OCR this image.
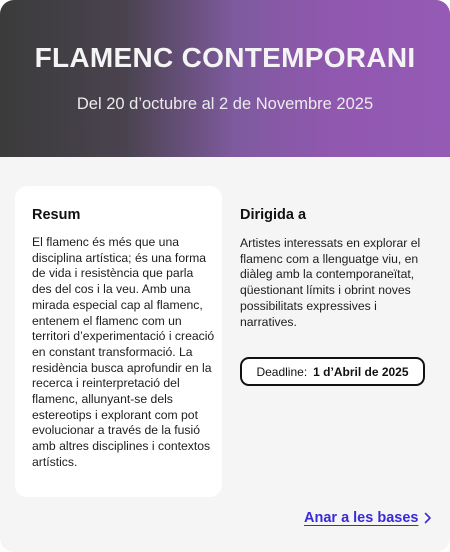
FLAMENC CONTEMPORANI
Del 20 d’octubre al 2 de Novembre 2025
Resum
El flamenc és més que una disciplina artística; és una forma de vida i resistència que parla des del cos i la veu. Amb una mirada especial cap al flamenc, entenem el flamenc com un territori d’experimentació i creació en constant transformació. La residència busca aprofundir en la recerca i reinterpretació del flamenc, allunyant-se dels estereotips i explorant com pot evolucionar a través de la fusió amb altres disciplines i contextos artístics.
Dirigida a
Artistes interessats en explorar el flamenc com a llenguatge viu, en diàleg amb la contemporaneïtat, qüestionant límits i obrint noves possibilitats expressives i narratives.
Deadline: 1 d’Abril de 2025
Anar a les bases
